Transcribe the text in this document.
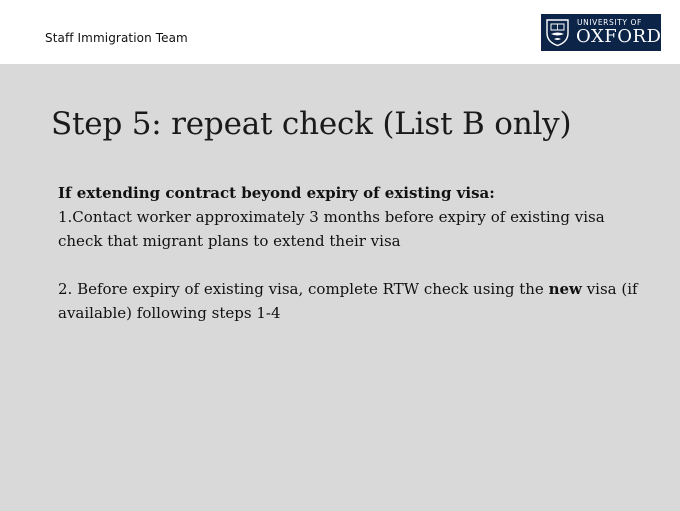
Staff Immigration Team
UNIVERSITY OF
OXFORD
Step 5: repeat check (List B only)

If extending contract beyond expiry of existing visa:

1.Contact worker approximately 3 months before expiry of existing visa check that migrant plans to extend their visa

2. Before expiry of existing visa, complete RTW check using the new visa (if available) following steps 1-4
